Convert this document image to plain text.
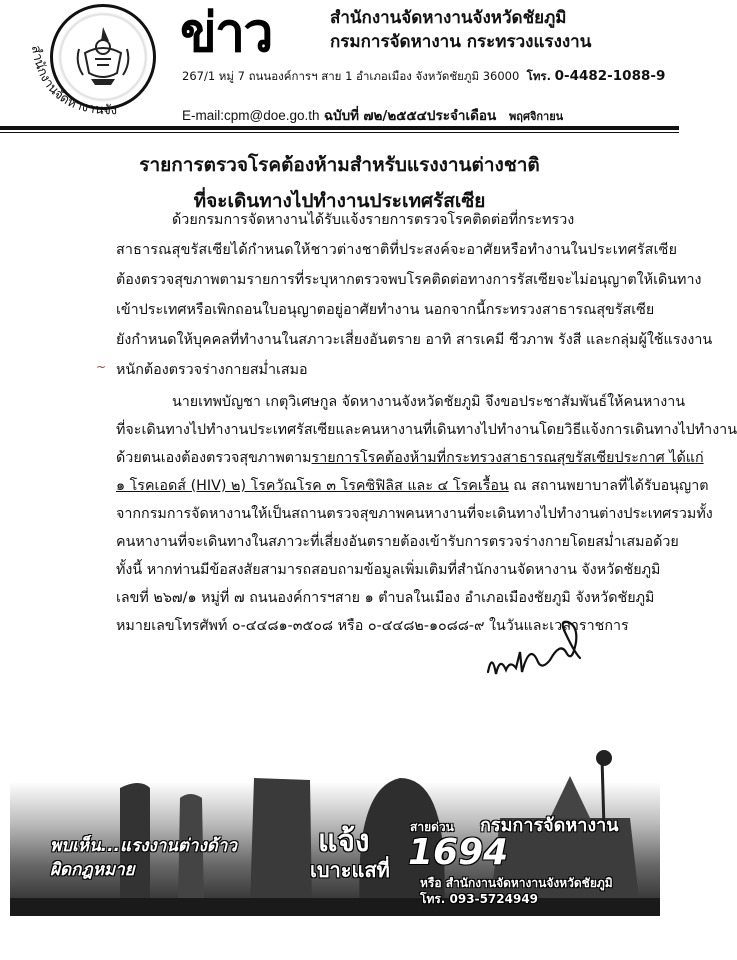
สำนักงานจัดหางานจัง
ข่าว	สำนักงานจัดหางานจังหวัดชัยภูมิ
กรมการจัดหางาน กระทรวงแรงงาน
267/1 หมู่ 7 ถนนองค์การฯ สาย 1 อำเภอเมือง จังหวัดชัยภูมิ 36000 โทร. 0-4482-1088-9
E-mail:cpm@doe.go.th ฉบับที่ ๗๒/๒๕๕๔ประจำเดือน พฤศจิกายน
รายการตรวจโรคต้องห้ามสำหรับแรงงานต่างชาติ
ที่จะเดินทางไปทำงานประเทศรัสเซีย
ด้วยกรมการจัดหางานได้รับแจ้งรายการตรวจโรคติดต่อที่กระทรวง
สาธารณสุขรัสเซียได้กำหนดให้ชาวต่างชาติที่ประสงค์จะอาศัยหรือทำงานในประเทศรัสเซีย
ต้องตรวจสุขภาพตามรายการที่ระบุหากตรวจพบโรคติดต่อทางการรัสเซียจะไม่อนุญาตให้เดินทาง
เข้าประเทศหรือเพิกถอนใบอนุญาตอยู่อาศัยทำงาน นอกจากนี้กระทรวงสาธารณสุขรัสเซีย
ยังกำหนดให้บุคคลที่ทำงานในสภาวะเสี่ยงอันตราย อาทิ สารเคมี ชีวภาพ รังสี และกลุ่มผู้ใช้แรงงาน
~ หนักต้องตรวจร่างกายสม่ำเสมอ
นายเทพบัญชา เกตุวิเศษกูล จัดหางานจังหวัดชัยภูมิ จึงขอประชาสัมพันธ์ให้คนหางาน
ที่จะเดินทางไปทำงานประเทศรัสเซียและคนหางานที่เดินทางไปทำงานโดยวิธีแจ้งการเดินทางไปทำงาน
ด้วยตนเองต้องตรวจสุขภาพตามรายการโรคต้องห้ามที่กระทรวงสาธารณสุขรัสเซียประกาศ ได้แก่
๑ โรคเอดส์ (HIV) ๒) โรควัณโรค ๓ โรคซิฟิลิส และ ๔ โรคเรื้อน ณ สถานพยาบาลที่ได้รับอนุญาต
จากกรมการจัดหางานให้เป็นสถานตรวจสุขภาพคนหางานที่จะเดินทางไปทำงานต่างประเทศรวมทั้ง
คนหางานที่จะเดินทางในสภาวะที่เสี่ยงอันตรายต้องเข้ารับการตรวจร่างกายโดยสม่ำเสมอด้วย
ทั้งนี้ หากท่านมีข้อสงสัยสามารถสอบถามข้อมูลเพิ่มเติมที่สำนักงานจัดหางาน จังหวัดชัยภูมิ
เลขที่ ๒๖๗/๑ หมู่ที่ ๗ ถนนองค์การฯสาย ๑ ตำบลในเมือง อำเภอเมืองชัยภูมิ จังหวัดชัยภูมิ
หมายเลขโทรศัพท์ ๐-๔๔๘๑-๓๕๐๘ หรือ ๐-๔๔๘๒-๑๐๘๘-๙ ในวันและเวลาราชการ
พบเห็น...แรงงานต่างด้าว
ผิดกฎหมาย
แจ้ง
เบาะแสที่
สายด่วน กรมการจัดหางาน
1694
หรือ สำนักงานจัดหางานจังหวัดชัยภูมิ
โทร. 093-5724949
